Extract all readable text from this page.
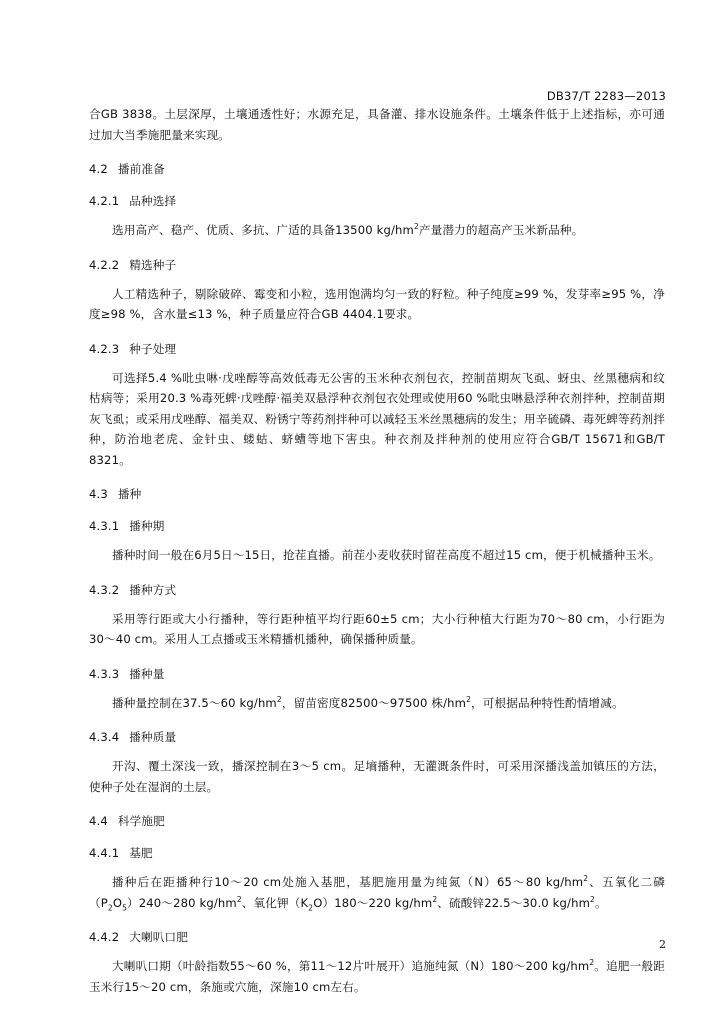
DB37/T 2283—2013

合GB 3838。土层深厚，土壤通透性好；水源充足，具备灌、排水设施条件。土壤条件低于上述指标，亦可通过加大当季施肥量来实现。

4.2 播前准备
4.2.1 品种选择

选用高产、稳产、优质、多抗、广适的具备13500 $kg/hm^2$产量潜力的超高产玉米新品种。

4.2.2 精选种子

人工精选种子，剔除破碎、霉变和小粒，选用饱满均匀一致的籽粒。种子纯度≥99 %，发芽率≥95 %，净度≥98 %，含水量≤13 %，种子质量应符合GB 4404.1要求。

4.2.3 种子处理

可选择5.4 %吡虫啉·戊唑醇等高效低毒无公害的玉米种衣剂包衣，控制苗期灰飞虱、蚜虫、丝黑穗病和纹枯病等；采用20.3 %毒死蜱·戊唑醇·福美双悬浮种衣剂包衣处理或使用60 %吡虫啉悬浮种衣剂拌种，控制苗期灰飞虱；或采用戊唑醇、福美双、粉锈宁等药剂拌种可以减轻玉米丝黑穗病的发生；用辛硫磷、毒死蜱等药剂拌种，防治地老虎、金针虫、蝼蛄、蛴螬等地下害虫。种衣剂及拌种剂的使用应符合GB/T 15671和GB/T 8321。

4.3 播种
4.3.1 播种期

播种时间一般在6月5日～15日，抢茬直播。前茬小麦收获时留茬高度不超过15 cm，便于机械播种玉米。

4.3.2 播种方式

采用等行距或大小行播种，等行距种植平均行距60±5 cm；大小行种植大行距为70～80 cm，小行距为30～40 cm。采用人工点播或玉米精播机播种，确保播种质量。

4.3.3 播种量

播种量控制在37.5～60 $kg/hm^2$，留苗密度82500～97500 株$/hm^2$，可根据品种特性酌情增减。

4.3.4 播种质量

开沟、覆土深浅一致，播深控制在3～5 cm。足墒播种，无灌溉条件时，可采用深播浅盖加镇压的方法，使种子处在湿润的土层。

4.4 科学施肥
4.4.1 基肥

播种后在距播种行10～20 cm处施入基肥，基肥施用量为纯氮（N）65～80 $kg/hm^2$、五氧化二磷$(P_2O_5)240\sim 280$ $kg/hm^2$、氧化钾$(K_2O)180\sim 220$ $kg/hm^2$、硫酸锌22.5～30.0 $kg/hm^2$。

4.4.2 大喇叭口肥

大喇叭口期（叶龄指数55～60 %，第11～12片叶展开）追施纯氮（N）180～200 $kg/hm^2$。追肥一般距玉米行15～20 cm，条施或穴施，深施10 cm左右。

2
